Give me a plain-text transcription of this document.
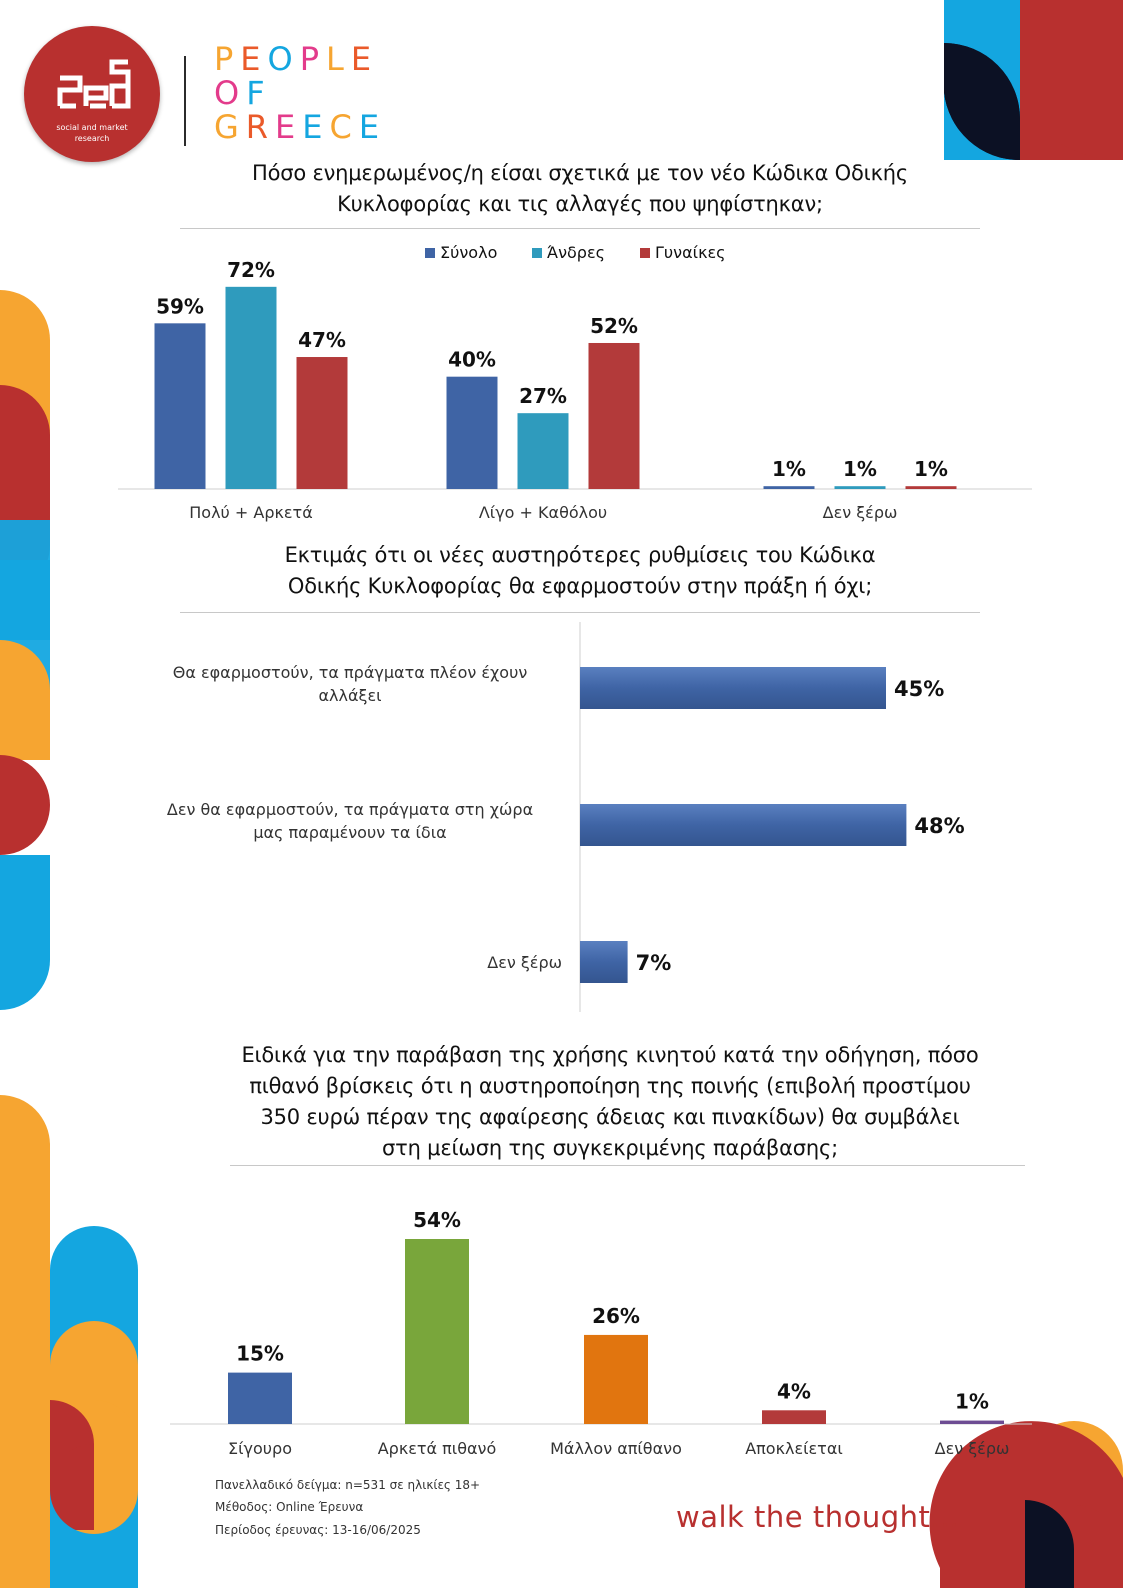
social and market
research
PEOPLE
OF
GREECE
Πόσο ενημερωμένος/η είσαι σχετικά με τον νέο Κώδικα Οδικής
Κυκλοφορίας και τις αλλαγές που ψηφίστηκαν;
Σύνολο	Άνδρες	Γυναίκες
59%
72%
47%
Πολύ + Αρκετά
40%
27%
52%
Λίγο + Καθόλου
1% 1% 1%
Δεν ξέρω
Εκτιμάς ότι οι νέες αυστηρότερες ρυθμίσεις του Κώδικα
Οδικής Κυκλοφορίας θα εφαρμοστούν στην πράξη ή όχι;
45%
Θα εφαρμοστούν, τα πράγματα πλέον έχουν
αλλάξει
48%
Δεν θα εφαρμοστούν, τα πράγματα στη χώρα
μας παραμένουν τα ίδια
7%
Δεν ξέρω
Ειδικά για την παράβαση της χρήσης κινητού κατά την οδήγηση, πόσο
πιθανό βρίσκεις ότι η αυστηροποίηση της ποινής (επιβολή προστίμου
350 ευρώ πέραν της αφαίρεσης άδειας και πινακίδων) θα συμβάλει
στη μείωση της συγκεκριμένης παράβασης;
15%
Σίγουρο
54%
Αρκετά πιθανό
26%
Μάλλον απίθανο
4%
Αποκλείεται
1%
Δεν ξέρω
Πανελλαδικό δείγμα: n=531 σε ηλικίες 18+
Μέθοδος: Online Έρευνα
Περίοδος έρευνας: 13-16/06/2025	walk the thought...
